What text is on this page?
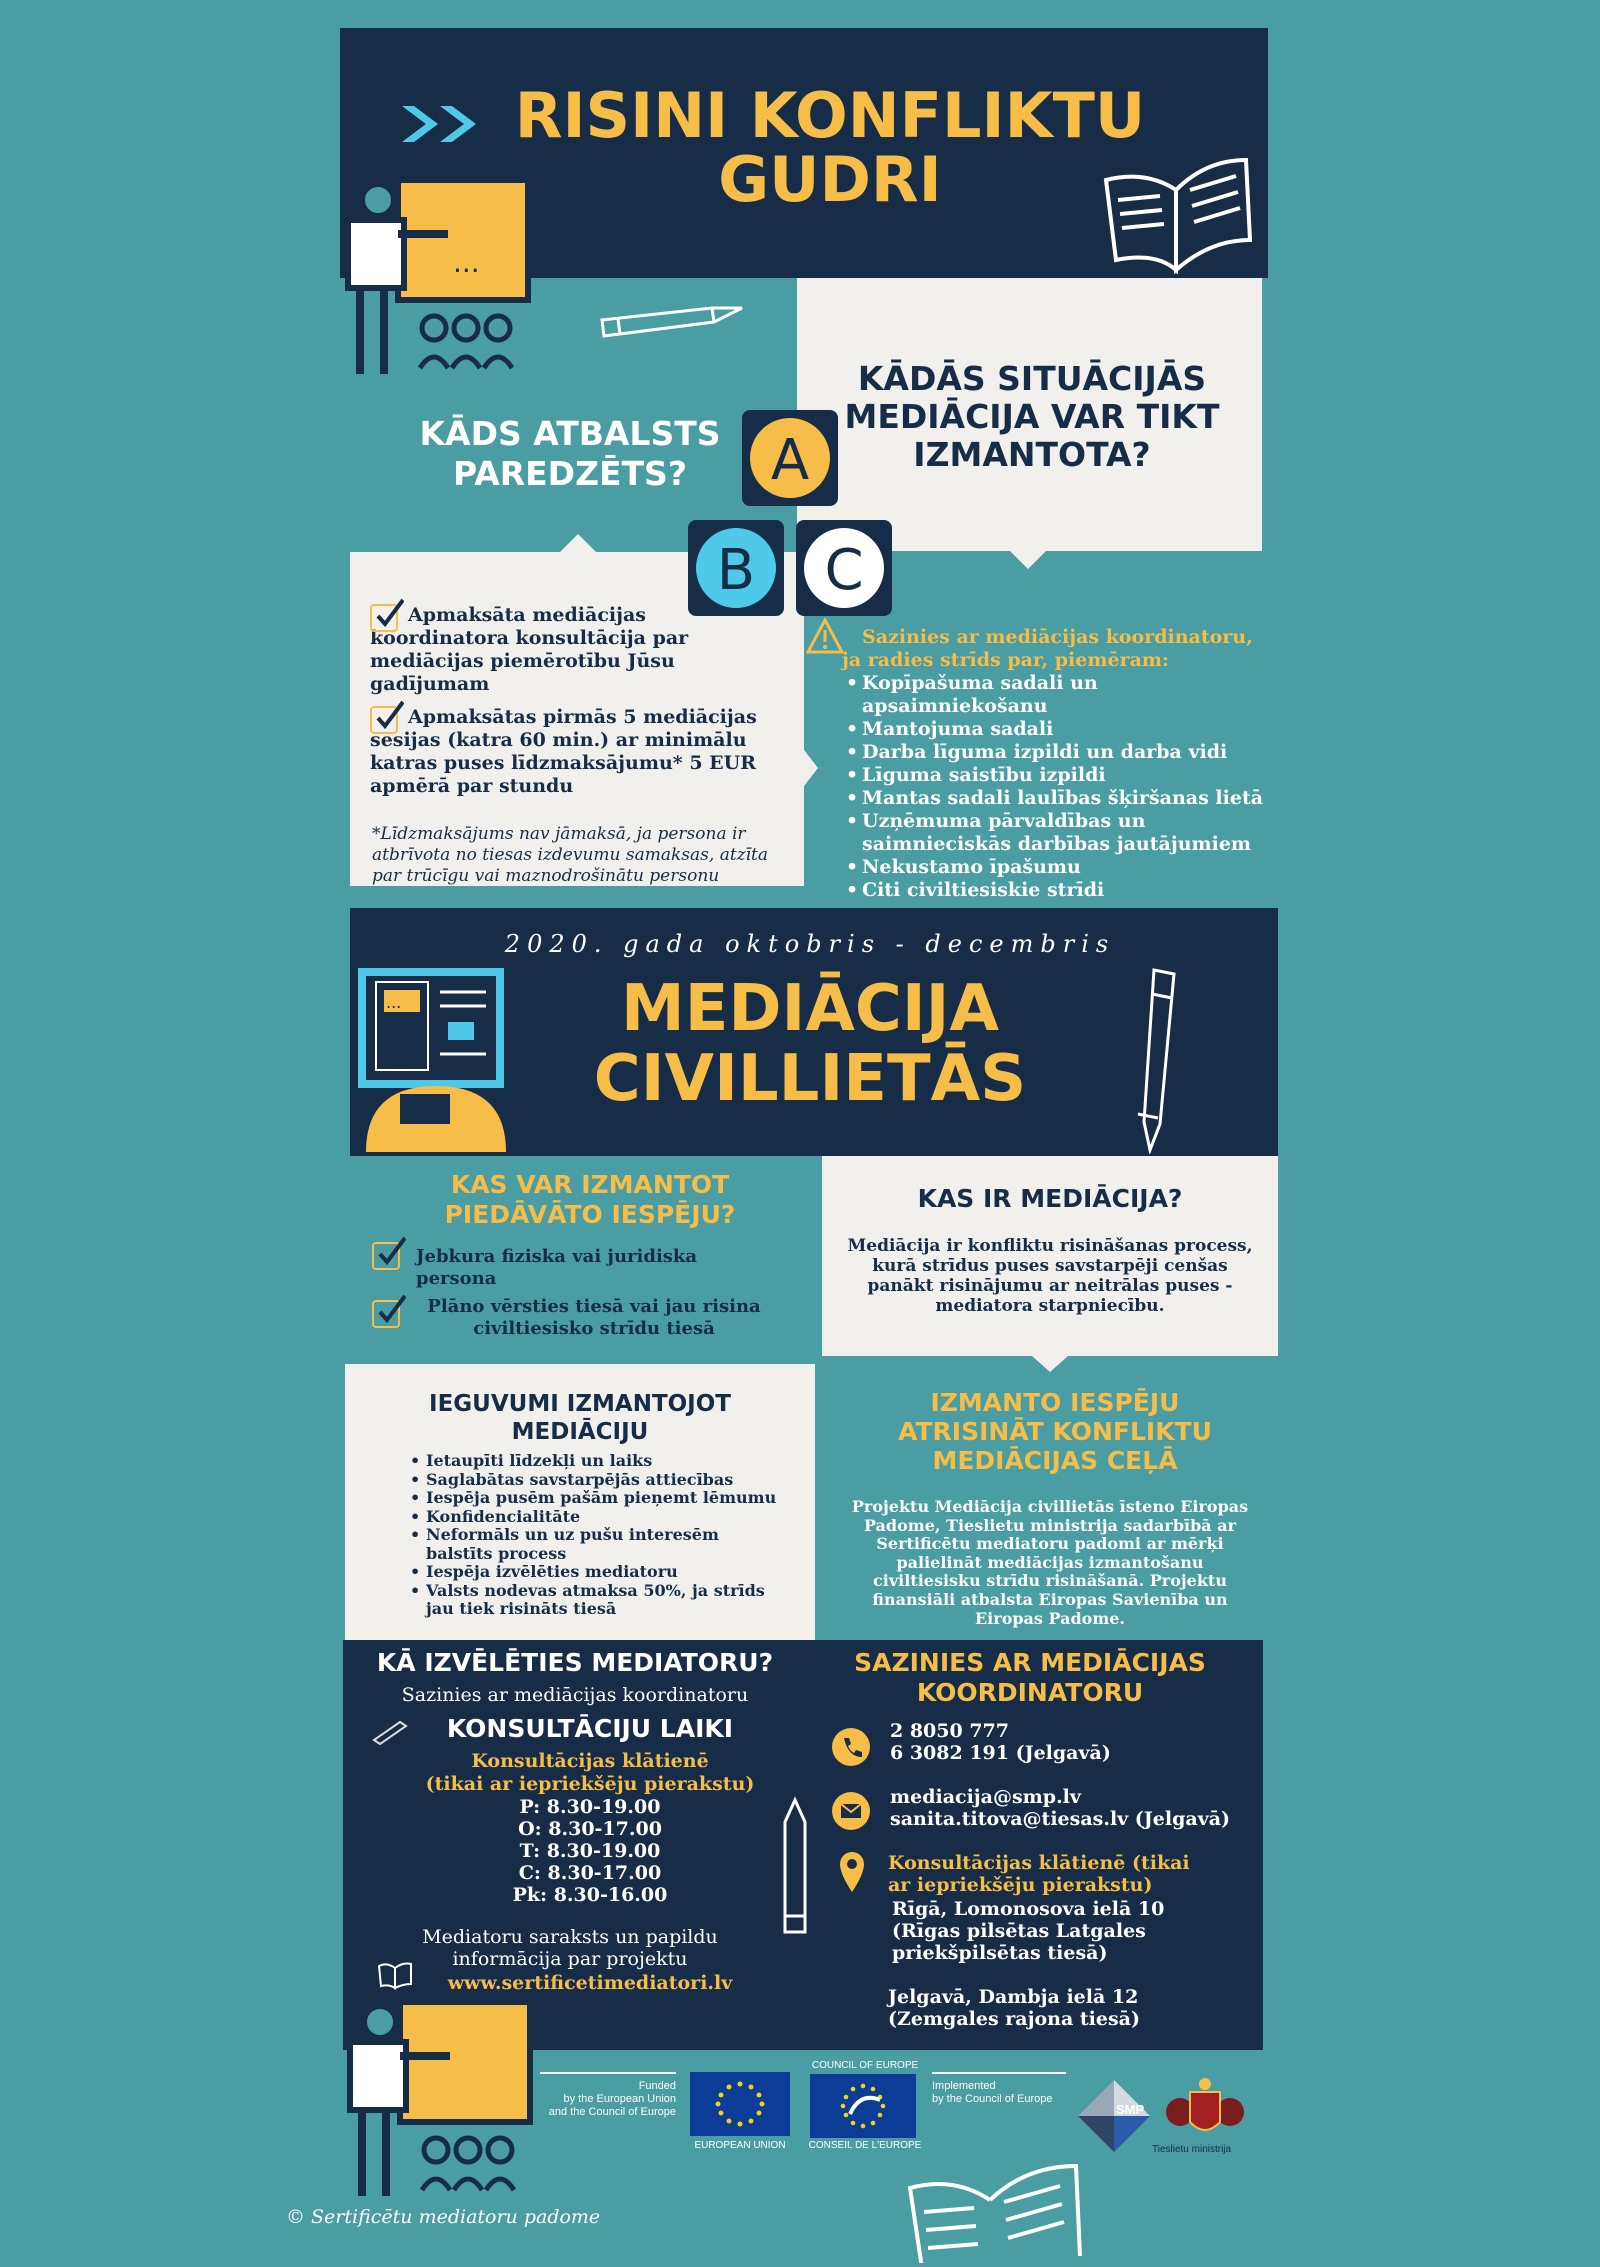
RISINI KONFLIKTU
GUDRI
...
KĀDS ATBALSTS PAREDZĒTS?
KĀDĀS SITUĀCIJĀS MEDIĀCIJA VAR TIKT IZMANTOTA?
Apmaksāta mediācijas koordinatora konsultācija par mediācijas piemērotību Jūsu gadījumam
Apmaksātas pirmās 5 mediācijas sesijas (katra 60 min.) ar minimālu katras puses līdzmaksājumu* 5 EUR apmērā par stundu
*Līdzmaksājums nav jāmaksā, ja persona ir atbrīvota no tiesas izdevumu samaksas, atzīta par trūcīgu vai maznodrošinātu personu
A
B	C
Sazinies ar mediācijas koordinatoru, ja radies strīds par, piemēram:
• Kopīpašuma sadali un apsaimniekošanu
• Mantojuma sadali
• Darba līguma izpildi un darba vidi
• Līguma saistību izpildi
• Mantas sadali laulības šķiršanas lietā
• Uzņēmuma pārvaldības un saimnieciskās darbības jautājumiem
• Nekustamo īpašumu
• Citi civiltiesiskie strīdi
2020. gada oktobris - decembris
MEDIĀCIJA
CIVILLIETĀS
...
KAS VAR IZMANTOT PIEDĀVĀTO IESPĒJU?
Jebkura fiziska vai juridiska persona
Plāno vērsties tiesā vai jau risina civiltiesisko strīdu tiesā
KAS IR MEDIĀCIJA?
Mediācija ir konfliktu risināšanas process, kurā strīdus puses savstarpēji cenšas panākt risinājumu ar neitrālas puses - mediatora starpniecību.
IEGUVUMI IZMANTOJOT MEDIĀCIJU
• Ietaupīti līdzekļi un laiks
• Saglabātas savstarpējās attiecības
• Iespēja pusēm pašām pieņemt lēmumu
• Konfidencialitāte
• Neformāls un uz pušu interesēm balstīts process
• Iespēja izvēlēties mediatoru
• Valsts nodevas atmaksa 50%, ja strīds jau tiek risināts tiesā
IZMANTO IESPĒJU ATRISINĀT KONFLIKTU MEDIĀCIJAS CEĻĀ
Projektu Mediācija civillietās īsteno Eiropas Padome, Tieslietu ministrija sadarbībā ar Sertificētu mediatoru padomi ar mērķi palielināt mediācijas izmantošanu civiltiesisku strīdu risināšanā. Projektu finansiāli atbalsta Eiropas Savienība un Eiropas Padome.
KĀ IZVĒLĒTIES MEDIATORU?
Sazinies ar mediācijas koordinatoru
KONSULTĀCIJU LAIKI
Konsultācijas klātienē
(tikai ar iepriekšēju pierakstu)
P: 8.30-19.00
O: 8.30-17.00
T: 8.30-19.00
C: 8.30-17.00
Pk: 8.30-16.00
Mediatoru saraksts un papildu informācija par projektu
www.sertificetimediatori.lv
SAZINIES AR MEDIĀCIJAS KOORDINATORU
2 8050 777
6 3082 191 (Jelgavā)
mediacija@smp.lv
sanita.titova@tiesas.lv (Jelgavā)
Konsultācijas klātienē (tikai ar iepriekšēju pierakstu)
Rīgā, Lomonosova ielā 10
(Rīgas pilsētas Latgales priekšpilsētas tiesā)
Jelgavā, Dambja ielā 12
(Zemgales rajona tiesā)
Funded
by the European Union
and the Council of Europe
EUROPEAN UNION
COUNCIL OF EUROPE
CONSEIL DE L'EUROPE
Implemented
by the Council of Europe
SMP
Tieslietu ministrija
© Sertificētu mediatoru padome
